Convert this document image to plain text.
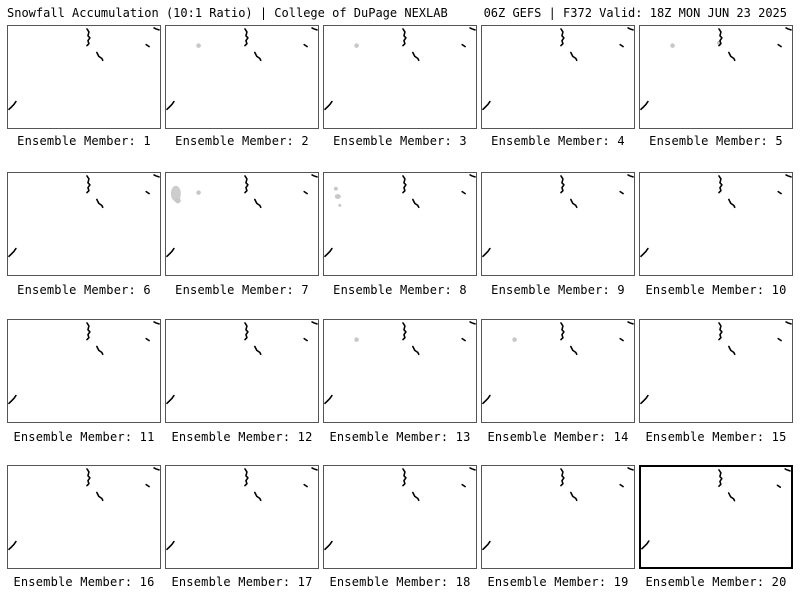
Snowfall Accumulation (10:1 Ratio) | College of DuPage NEXLAB	06Z GEFS | F372 Valid: 18Z MON JUN 23 2025
Ensemble Member: 1	Ensemble Member: 2	Ensemble Member: 3	Ensemble Member: 4	Ensemble Member: 5
Ensemble Member: 6	Ensemble Member: 7	Ensemble Member: 8	Ensemble Member: 9	Ensemble Member: 10
Ensemble Member: 11	Ensemble Member: 12	Ensemble Member: 13	Ensemble Member: 14	Ensemble Member: 15
Ensemble Member: 16	Ensemble Member: 17	Ensemble Member: 18	Ensemble Member: 19	Ensemble Member: 20
